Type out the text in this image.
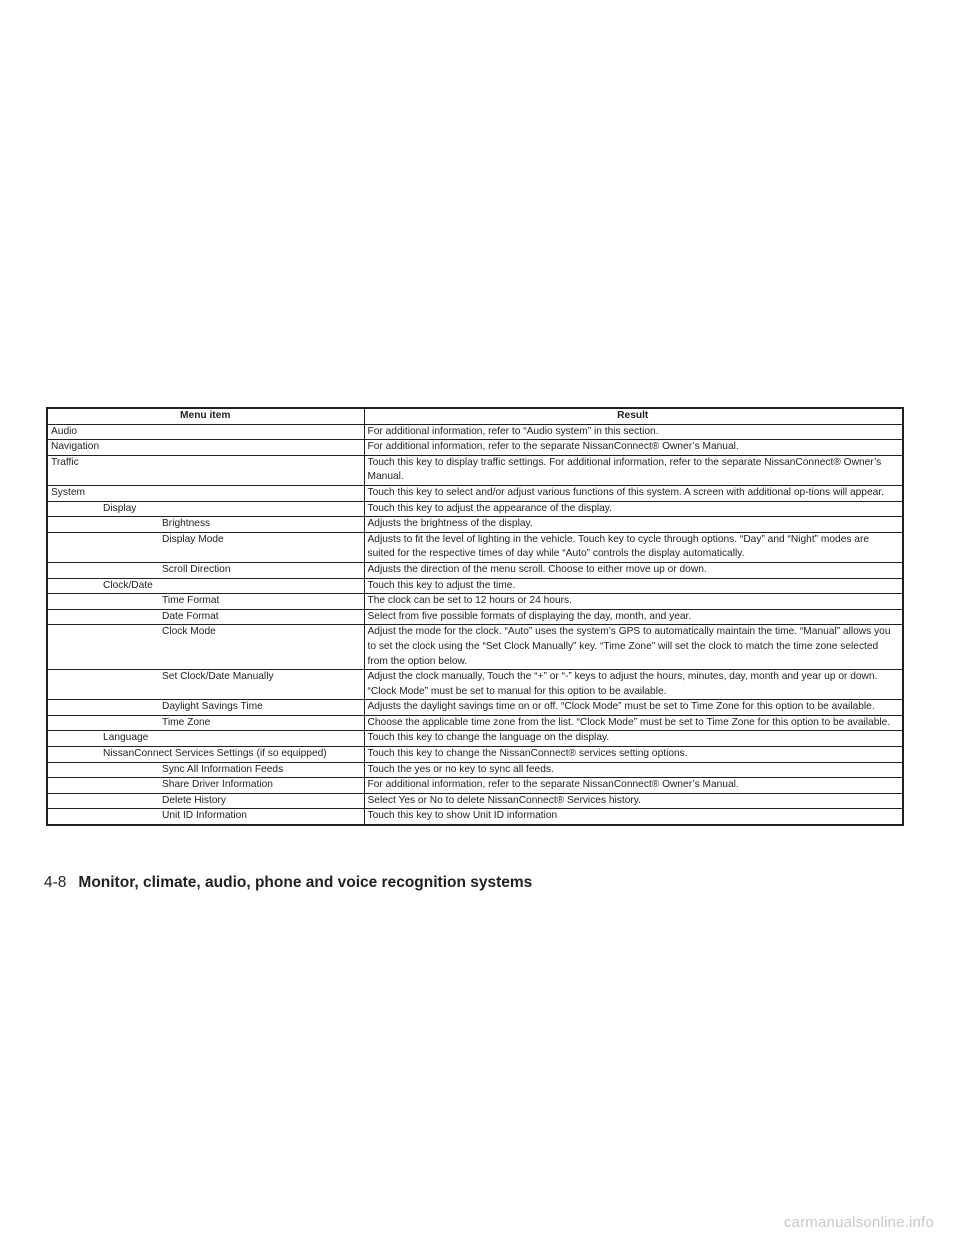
Menu item	Result
Audio	For additional information, refer to “Audio system” in this section.
Navigation	For additional information, refer to the separate NissanConnect® Owner’s Manual.
Traffic	Touch this key to display traffic settings. For additional information, refer to the separate NissanConnect® Owner’s Manual.
System	Touch this key to select and/or adjust various functions of this system. A screen with additional op-tions will appear.
Display	Touch this key to adjust the appearance of the display.
Brightness	Adjusts the brightness of the display.
Display Mode	Adjusts to fit the level of lighting in the vehicle. Touch key to cycle through options. “Day” and “Night” modes are suited for the respective times of day while “Auto” controls the display automatically.
Scroll Direction	Adjusts the direction of the menu scroll. Choose to either move up or down.
Clock/Date	Touch this key to adjust the time.
Time Format	The clock can be set to 12 hours or 24 hours.
Date Format	Select from five possible formats of displaying the day, month, and year.
Clock Mode	Adjust the mode for the clock. “Auto” uses the system’s GPS to automatically maintain the time. “Manual” allows you to set the clock using the “Set Clock Manually” key. “Time Zone” will set the clock to match the time zone selected from the option below.
Set Clock/Date Manually	Adjust the clock manually, Touch the “+” or “-” keys to adjust the hours, minutes, day, month and year up or down. “Clock Mode” must be set to manual for this option to be available.
Daylight Savings Time	Adjusts the daylight savings time on or off. “Clock Mode” must be set to Time Zone for this option to be available.
Time Zone	Choose the applicable time zone from the list. “Clock Mode” must be set to Time Zone for this option to be available.
Language	Touch this key to change the language on the display.
NissanConnect Services Settings (if so equipped)	Touch this key to change the NissanConnect® services setting options.
Sync All Information Feeds	Touch the yes or no key to sync all feeds.
Share Driver Information	For additional information, refer to the separate NissanConnect® Owner’s Manual.
Delete History	Select Yes or No to delete NissanConnect® Services history.
Unit ID Information	Touch this key to show Unit ID information
4-8 Monitor, climate, audio, phone and voice recognition systems
carmanualsonline.info
